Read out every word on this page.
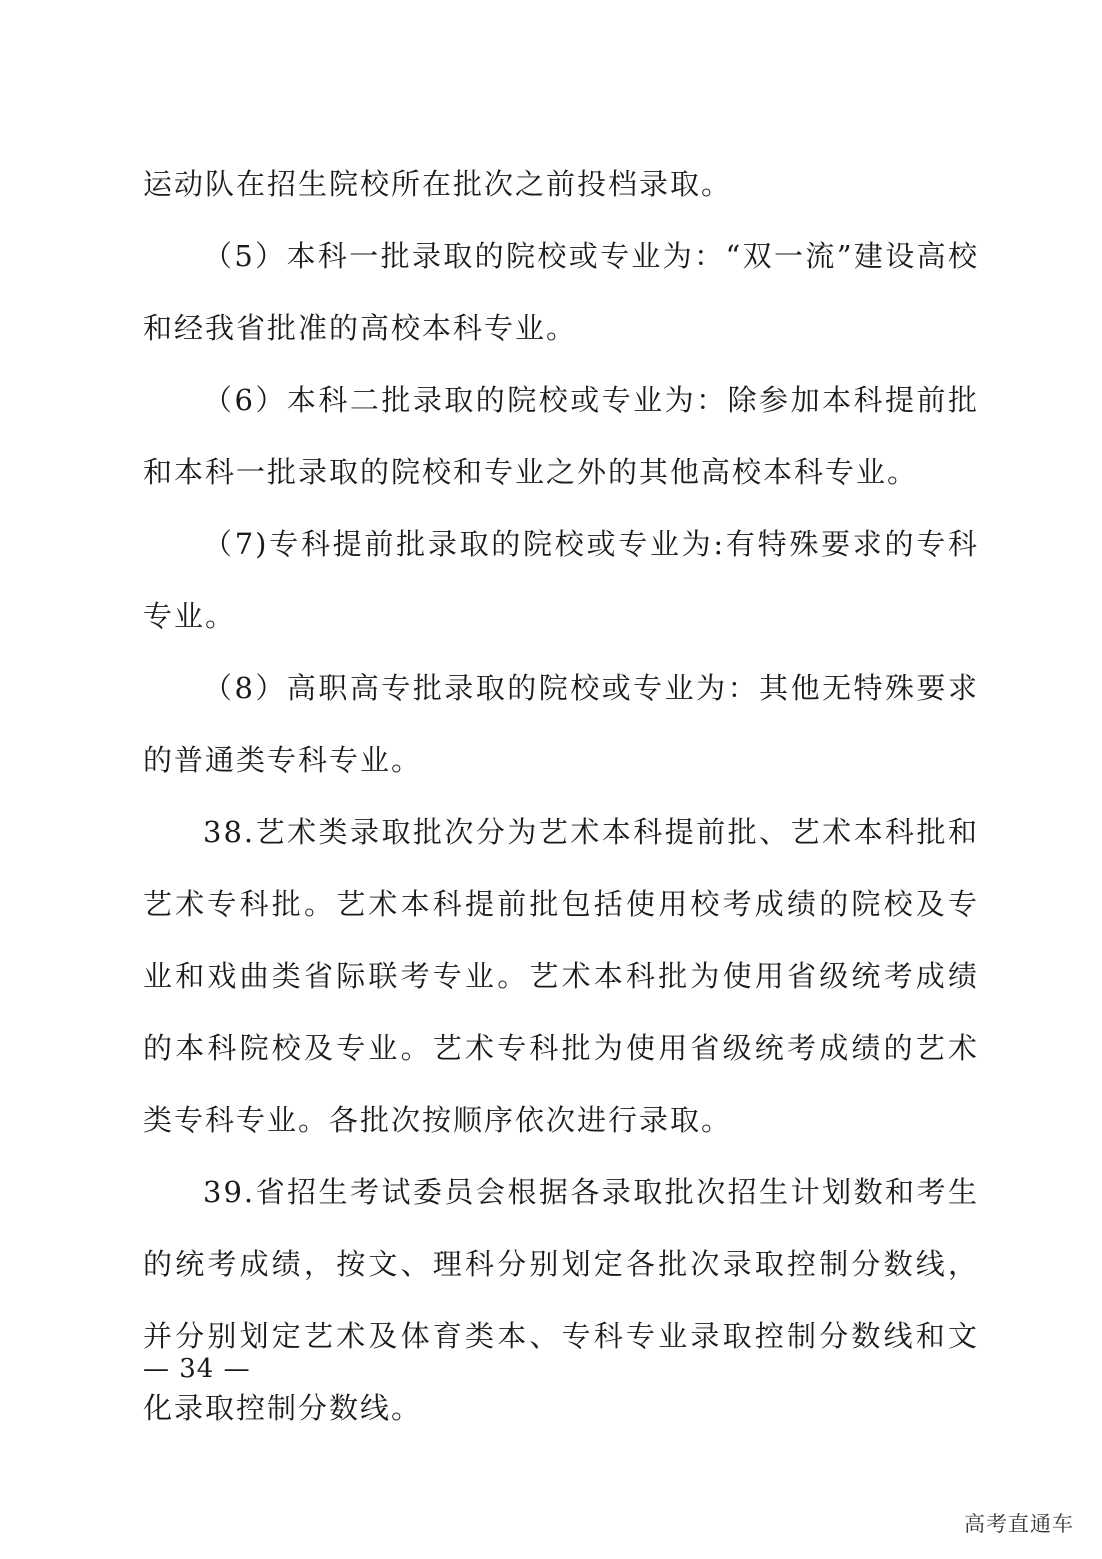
运动队在招生院校所在批次之前投档录取。

（5）本科一批录取的院校或专业为：“双一流”建设高校和经我省批准的高校本科专业。

（6）本科二批录取的院校或专业为：除参加本科提前批和本科一批录取的院校和专业之外的其他高校本科专业。

（7)专科提前批录取的院校或专业为:有特殊要求的专科专业。

（8）高职高专批录取的院校或专业为：其他无特殊要求的普通类专科专业。

38.艺术类录取批次分为艺术本科提前批、艺术本科批和艺术专科批。艺术本科提前批包括使用校考成绩的院校及专业和戏曲类省际联考专业。艺术本科批为使用省级统考成绩的本科院校及专业。艺术专科批为使用省级统考成绩的艺术类专科专业。各批次按顺序依次进行录取。

39.省招生考试委员会根据各录取批次招生计划数和考生的统考成绩，按文、理科分别划定各批次录取控制分数线，并分别划定艺术及体育类本、专科专业录取控制分数线和文化录取控制分数线。

— 34 —
高考直通车
